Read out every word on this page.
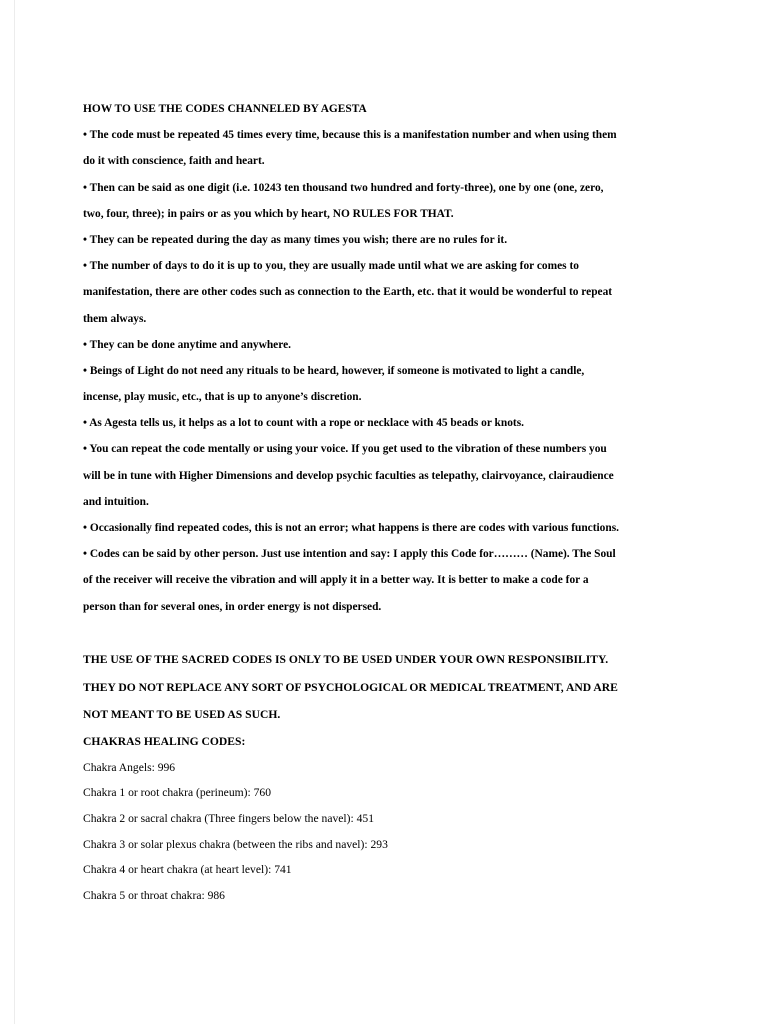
HOW TO USE THE CODES CHANNELED BY AGESTA
• The code must be repeated 45 times every time, because this is a manifestation number and when using them
do it with conscience, faith and heart.
• Then can be said as one digit (i.e. 10243 ten thousand two hundred and forty-three), one by one (one, zero,
two, four, three); in pairs or as you which by heart, NO RULES FOR THAT.
• They can be repeated during the day as many times you wish; there are no rules for it.
• The number of days to do it is up to you, they are usually made until what we are asking for comes to
manifestation, there are other codes such as connection to the Earth, etc. that it would be wonderful to repeat
them always.
• They can be done anytime and anywhere.
• Beings of Light do not need any rituals to be heard, however, if someone is motivated to light a candle,
incense, play music, etc., that is up to anyone’s discretion.
• As Agesta tells us, it helps as a lot to count with a rope or necklace with 45 beads or knots.
• You can repeat the code mentally or using your voice. If you get used to the vibration of these numbers you
will be in tune with Higher Dimensions and develop psychic faculties as telepathy, clairvoyance, clairaudience
and intuition.
• Occasionally find repeated codes, this is not an error; what happens is there are codes with various functions.
• Codes can be said by other person. Just use intention and say: I apply this Code for……… (Name). The Soul
of the receiver will receive the vibration and will apply it in a better way. It is better to make a code for a
person than for several ones, in order energy is not dispersed.
THE USE OF THE SACRED CODES IS ONLY TO BE USED UNDER YOUR OWN RESPONSIBILITY.
THEY DO NOT REPLACE ANY SORT OF PSYCHOLOGICAL OR MEDICAL TREATMENT, AND ARE
NOT MEANT TO BE USED AS SUCH.
CHAKRAS HEALING CODES:
Chakra Angels: 996
Chakra 1 or root chakra (perineum): 760
Chakra 2 or sacral chakra (Three fingers below the navel): 451
Chakra 3 or solar plexus chakra (between the ribs and navel): 293
Chakra 4 or heart chakra (at heart level): 741
Chakra 5 or throat chakra: 986
